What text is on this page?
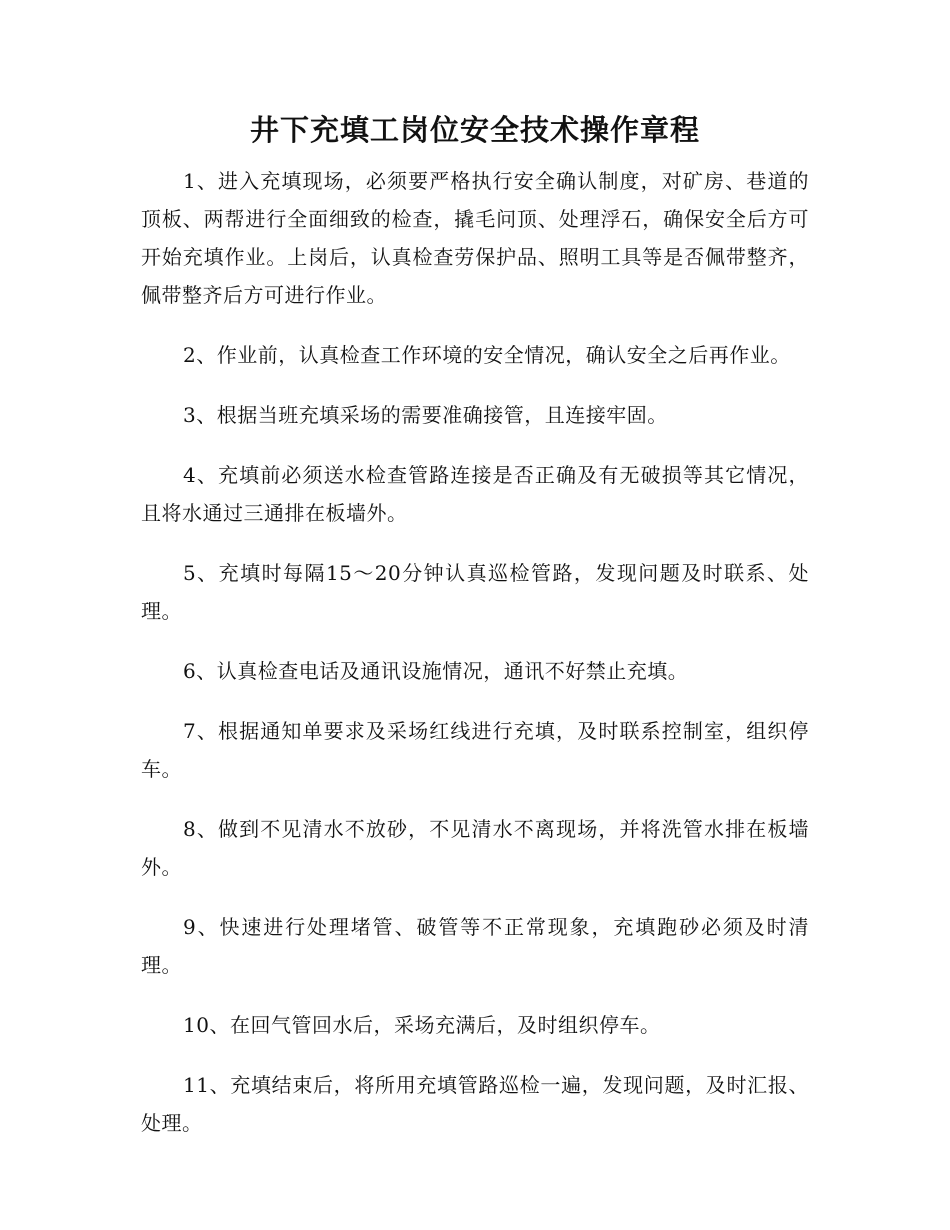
井下充填工岗位安全技术操作章程

1、进入充填现场，必须要严格执行安全确认制度，对矿房、巷道的顶板、两帮进行全面细致的检查，撬毛问顶、处理浮石，确保安全后方可开始充填作业。上岗后，认真检查劳保护品、照明工具等是否佩带整齐，佩带整齐后方可进行作业。

2、作业前，认真检查工作环境的安全情况，确认安全之后再作业。

3、根据当班充填采场的需要准确接管，且连接牢固。

4、充填前必须送水检查管路连接是否正确及有无破损等其它情况，且将水通过三通排在板墙外。

5、充填时每隔15～20分钟认真巡检管路，发现问题及时联系、处理。

6、认真检查电话及通讯设施情况，通讯不好禁止充填。

7、根据通知单要求及采场红线进行充填，及时联系控制室，组织停车。

8、做到不见清水不放砂，不见清水不离现场，并将洗管水排在板墙外。

9、快速进行处理堵管、破管等不正常现象，充填跑砂必须及时清理。

10、在回气管回水后，采场充满后，及时组织停车。

11、充填结束后，将所用充填管路巡检一遍，发现问题，及时汇报、处理。
